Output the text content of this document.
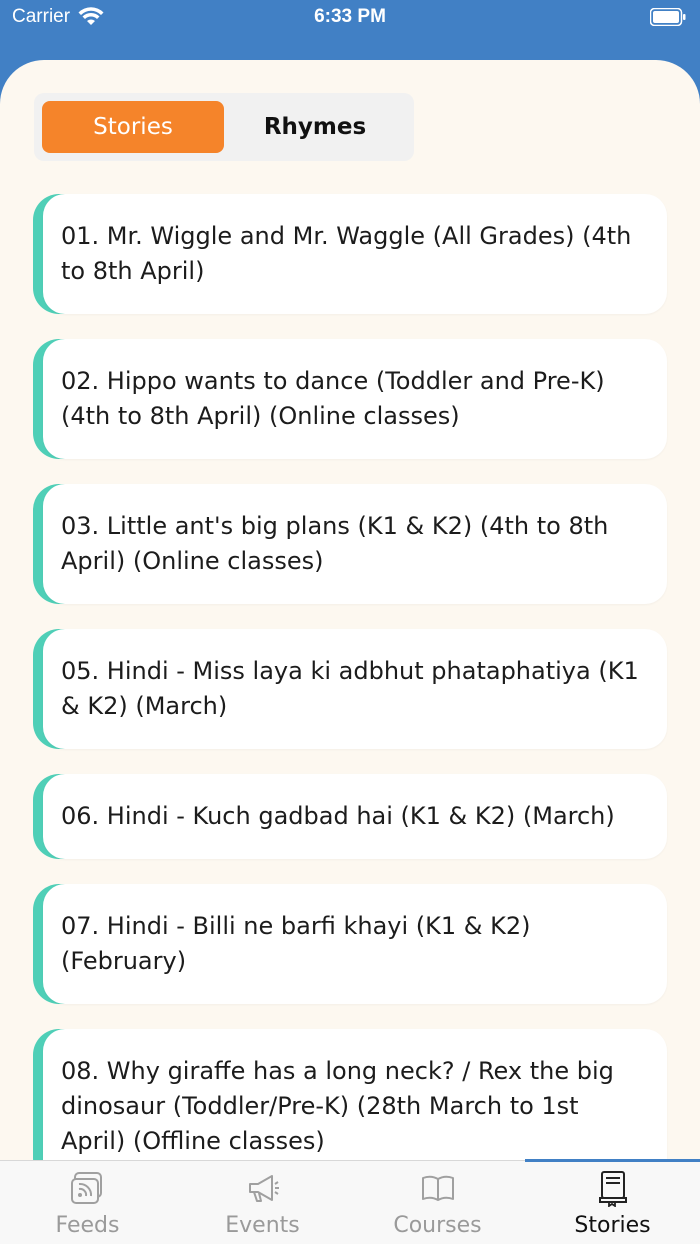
Carrier	6:33 PM
Stories	Rhymes
01. Mr. Wiggle and Mr. Waggle (All Grades) (4th to 8th April)
02. Hippo wants to dance (Toddler and Pre-K) (4th to 8th April) (Online classes)
03. Little ant's big plans (K1 & K2) (4th to 8th April) (Online classes)
05. Hindi - Miss laya ki adbhut phataphatiya (K1 & K2) (March)
06. Hindi - Kuch gadbad hai (K1 & K2) (March)
07. Hindi - Billi ne barfi khayi (K1 & K2) (February)
08. Why giraffe has a long neck? / Rex the big dinosaur (Toddler/Pre-K) (28th March to 1st April) (Offline classes)
Feeds	Events	Courses	Stories
